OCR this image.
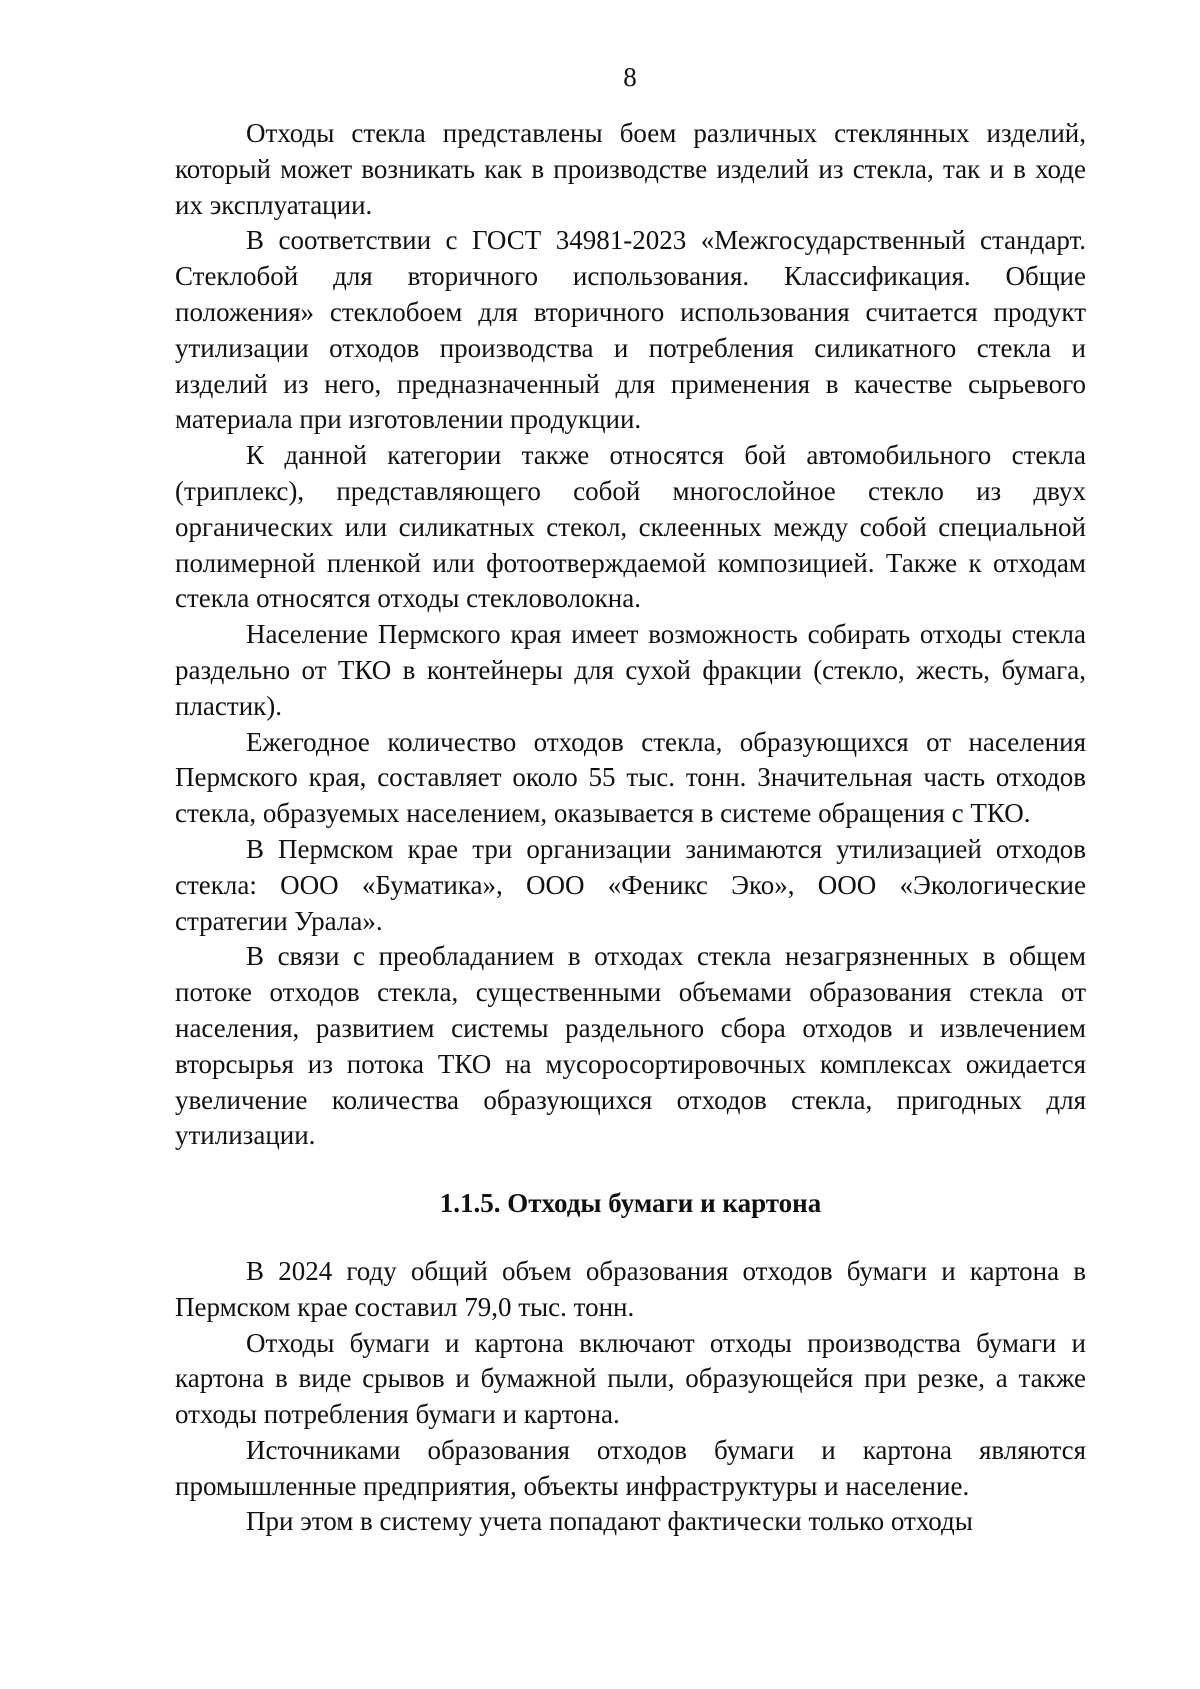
8

Отходы стекла представлены боем различных стеклянных изделий, который может возникать как в производстве изделий из стекла, так и в ходе их эксплуатации.

В соответствии с ГОСТ 34981-2023 «Межгосударственный стандарт. Стеклобой для вторичного использования. Классификация. Общие положения» стеклобоем для вторичного использования считается продукт утилизации отходов производства и потребления силикатного стекла и изделий из него, предназначенный для применения в качестве сырьевого материала при изготовлении продукции.

К данной категории также относятся бой автомобильного стекла (триплекс), представляющего собой многослойное стекло из двух органических или силикатных стекол, склеенных между собой специальной полимерной пленкой или фотоотверждаемой композицией. Также к отходам стекла относятся отходы стекловолокна.

Население Пермского края имеет возможность собирать отходы стекла раздельно от ТКО в контейнеры для сухой фракции (стекло, жесть, бумага, пластик).

Ежегодное количество отходов стекла, образующихся от населения Пермского края, составляет около 55 тыс. тонн. Значительная часть отходов стекла, образуемых населением, оказывается в системе обращения с ТКО.

В Пермском крае три организации занимаются утилизацией отходов стекла: ООО «Буматика», ООО «Феникс Эко», ООО «Экологические стратегии Урала».

В связи с преобладанием в отходах стекла незагрязненных в общем потоке отходов стекла, существенными объемами образования стекла от населения, развитием системы раздельного сбора отходов и извлечением вторсырья из потока ТКО на мусоросортировочных комплексах ожидается увеличение количества образующихся отходов стекла, пригодных для утилизации.

1.1.5. Отходы бумаги и картона

В 2024 году общий объем образования отходов бумаги и картона в Пермском крае составил 79,0 тыс. тонн.

Отходы бумаги и картона включают отходы производства бумаги и картона в виде срывов и бумажной пыли, образующейся при резке, а также отходы потребления бумаги и картона.

Источниками образования отходов бумаги и картона являются промышленные предприятия, объекты инфраструктуры и население.

При этом в систему учета попадают фактически только отходы
